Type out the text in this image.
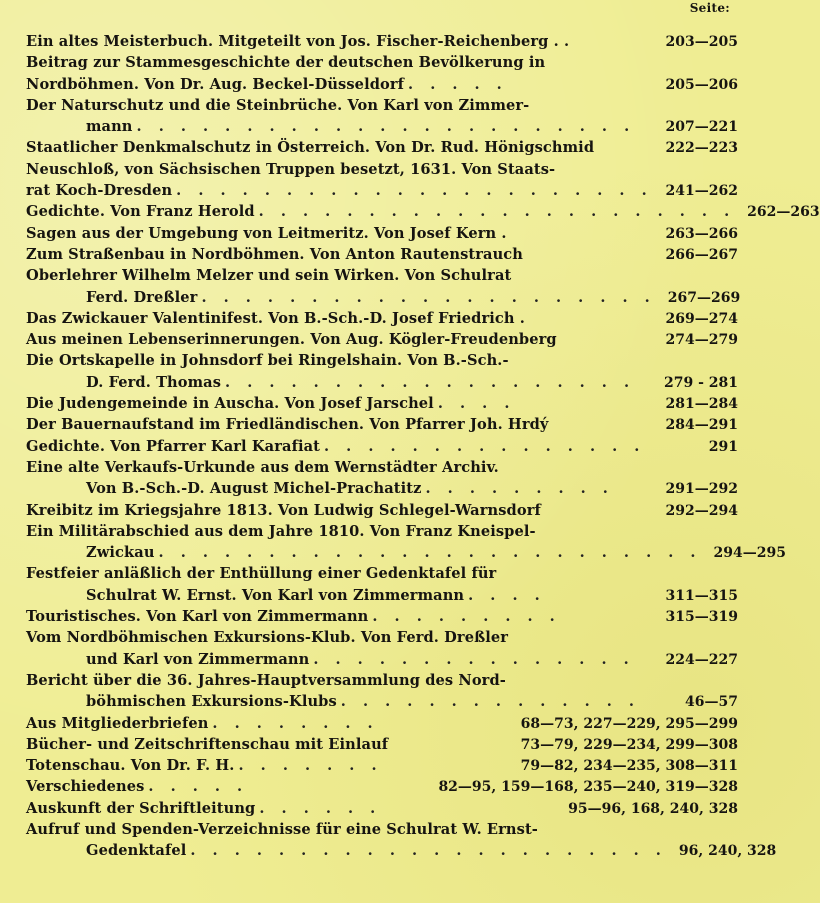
Seite:
Ein altes Meisterbuch. Mitgeteilt von Jos. Fischer-Reichenberg . .	203—205
Beitrag zur Stammesgeschichte der deutschen Bevölkerung in
Nordböhmen. Von Dr. Aug. Beckel-Düsseldorf . . . . .	205—206
Der Naturschutz und die Steinbrüche. Von Karl von Zimmer-
mann . . . . . . . . . . . . . . . . . . . . . . .	207—221
Staatlicher Denkmalschutz in Österreich. Von Dr. Rud. Hönigschmid	222—223
Neuschloß, von Sächsischen Truppen besetzt, 1631. Von Staats-
rat Koch-Dresden . . . . . . . . . . . . . . . . . . . . . . 241—262
Gedichte. Von Franz Herold . . . . . . . . . . . . . . . . . . . . . . 262—263
Sagen aus der Umgebung von Leitmeritz. Von Josef Kern .	263—266
Zum Straßenbau in Nordböhmen. Von Anton Rautenstrauch	266—267
Oberlehrer Wilhelm Melzer und sein Wirken. Von Schulrat
Ferd. Dreßler . . . . . . . . . . . . . . . . . . . . . 267—269
Das Zwickauer Valentinifest. Von B.-Sch.-D. Josef Friedrich .	269—274
Aus meinen Lebenserinnerungen. Von Aug. Kögler-Freudenberg	274—279
Die Ortskapelle in Johnsdorf bei Ringelshain. Von B.-Sch.-
D. Ferd. Thomas . . . . . . . . . . . . . . . . . . .	279 - 281
Die Judengemeinde in Auscha. Von Josef Jarschel . . . .	281—284
Der Bauernaufstand im Friedländischen. Von Pfarrer Joh. Hrdý	284—291
Gedichte. Von Pfarrer Karl Karafiat . . . . . . . . . . . . . . .	291
Eine alte Verkaufs-Urkunde aus dem Wernstädter Archiv.
Von B.-Sch.-D. August Michel-Prachatitz . . . . . . . . .	291—292
Kreibitz im Kriegsjahre 1813. Von Ludwig Schlegel-Warnsdorf	292—294
Ein Militärabschied aus dem Jahre 1810. Von Franz Kneispel-
Zwickau . . . . . . . . . . . . . . . . . . . . . . . . . 294—295
Festfeier anläßlich der Enthüllung einer Gedenktafel für
Schulrat W. Ernst. Von Karl von Zimmermann . . . .	311—315
Touristisches. Von Karl von Zimmermann . . . . . . . . .	315—319
Vom Nordböhmischen Exkursions-Klub. Von Ferd. Dreßler
und Karl von Zimmermann . . . . . . . . . . . . . . .	224—227
Bericht über die 36. Jahres-Hauptversammlung des Nord-
böhmischen Exkursions-Klubs . . . . . . . . . . . . . .	46—57
Aus Mitgliederbriefen . . . . . . . .	68—73, 227—229, 295—299
Bücher- und Zeitschriftenschau mit Einlauf	73—79, 229—234, 299—308
Totenschau. Von Dr. F. H. . . . . . . .	79—82, 234—235, 308—311
Verschiedenes . . . . .	82—95, 159—168, 235—240, 319—328
Auskunft der Schriftleitung . . . . . .	95—96, 168, 240, 328
Aufruf und Spenden-Verzeichnisse für eine Schulrat W. Ernst-
Gedenktafel . . . . . . . . . . . . . . . . . . . . . . 96, 240, 328
